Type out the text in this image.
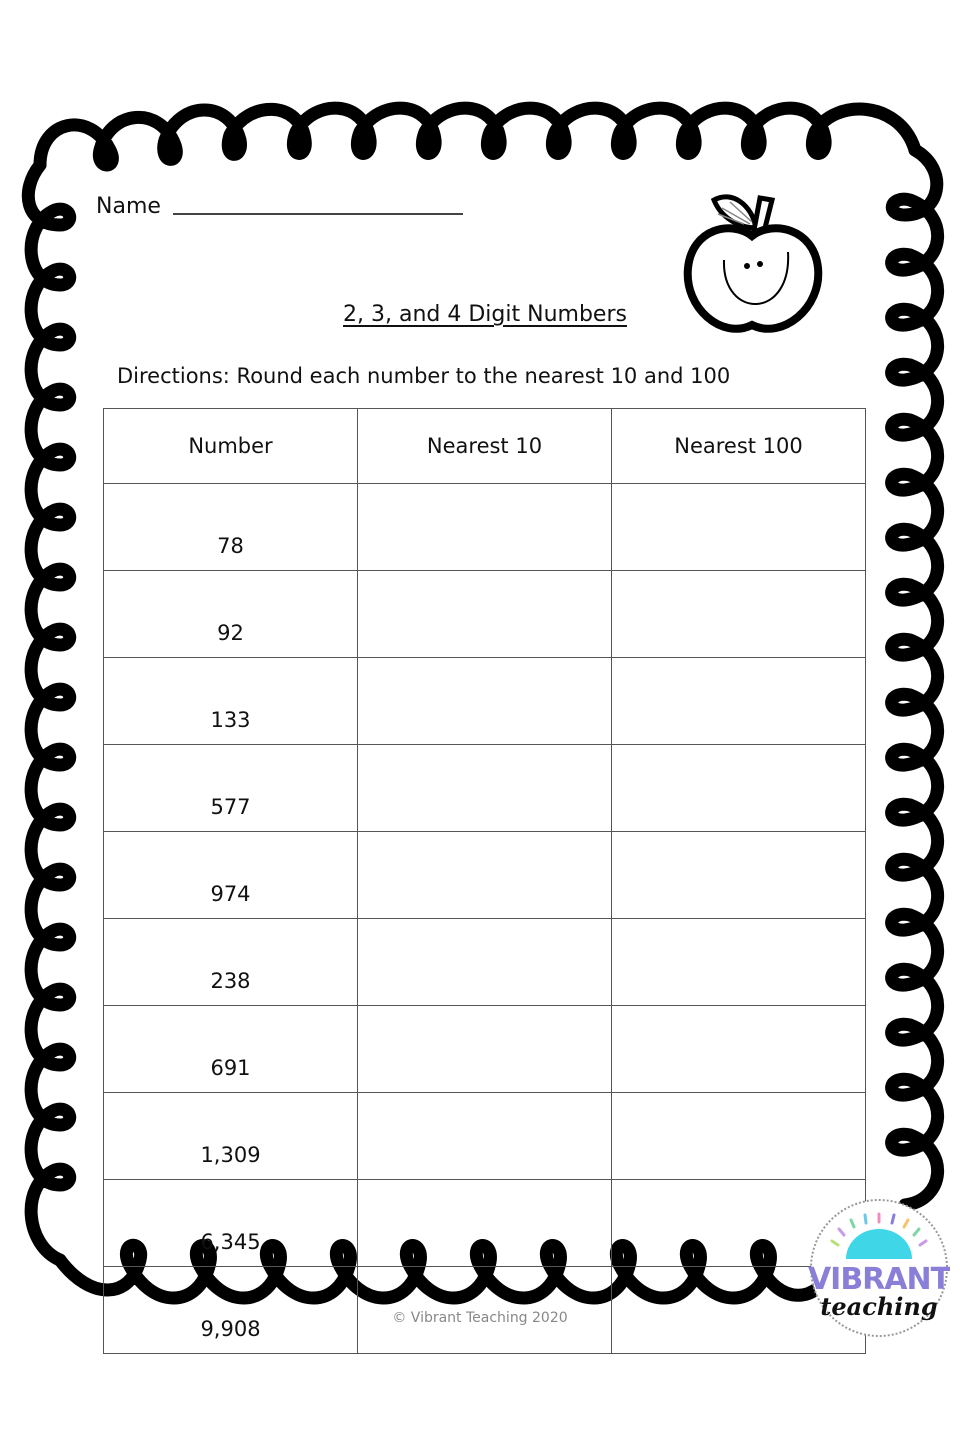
Name
2, 3, and 4 Digit Numbers
Directions: Round each number to the nearest 10 and 100
Number	Nearest 10	Nearest 100
78		
92		
133		
577		
974		
238		
691		
1,309		
6,345		
9,908			© Vibrant Teaching 2020
VIBRANT
teaching
